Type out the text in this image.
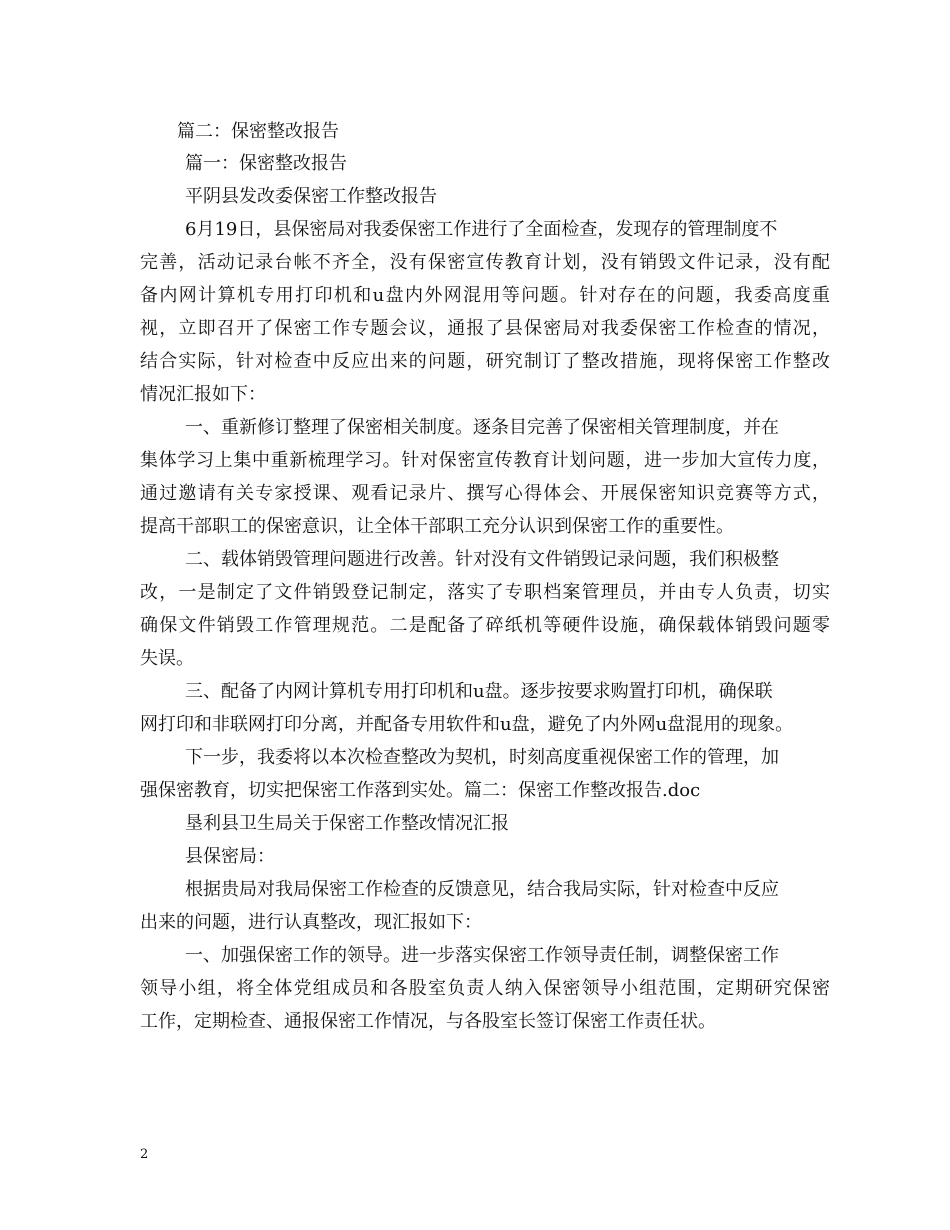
篇二：保密整改报告
篇一：保密整改报告
平阴县发改委保密工作整改报告
6月19日，县保密局对我委保密工作进行了全面检查，发现存的管理制度不
完善，活动记录台帐不齐全，没有保密宣传教育计划，没有销毁文件记录，没有配
备内网计算机专用打印机和u盘内外网混用等问题。针对存在的问题，我委高度重
视，立即召开了保密工作专题会议，通报了县保密局对我委保密工作检查的情况，
结合实际，针对检查中反应出来的问题，研究制订了整改措施，现将保密工作整改
情况汇报如下：
一、重新修订整理了保密相关制度。逐条目完善了保密相关管理制度，并在
集体学习上集中重新梳理学习。针对保密宣传教育计划问题，进一步加大宣传力度，
通过邀请有关专家授课、观看记录片、撰写心得体会、开展保密知识竞赛等方式，
提高干部职工的保密意识，让全体干部职工充分认识到保密工作的重要性。
二、载体销毁管理问题进行改善。针对没有文件销毁记录问题，我们积极整
改，一是制定了文件销毁登记制定，落实了专职档案管理员，并由专人负责，切实
确保文件销毁工作管理规范。二是配备了碎纸机等硬件设施，确保载体销毁问题零
失误。
三、配备了内网计算机专用打印机和u盘。逐步按要求购置打印机，确保联
网打印和非联网打印分离，并配备专用软件和u盘，避免了内外网u盘混用的现象。
下一步，我委将以本次检查整改为契机，时刻高度重视保密工作的管理，加
强保密教育，切实把保密工作落到实处。篇二：保密工作整改报告.doc
垦利县卫生局关于保密工作整改情况汇报
县保密局：
根据贵局对我局保密工作检查的反馈意见，结合我局实际，针对检查中反应
出来的问题，进行认真整改，现汇报如下：
一、加强保密工作的领导。进一步落实保密工作领导责任制，调整保密工作
领导小组，将全体党组成员和各股室负责人纳入保密领导小组范围，定期研究保密
工作，定期检查、通报保密工作情况，与各股室长签订保密工作责任状。
2
